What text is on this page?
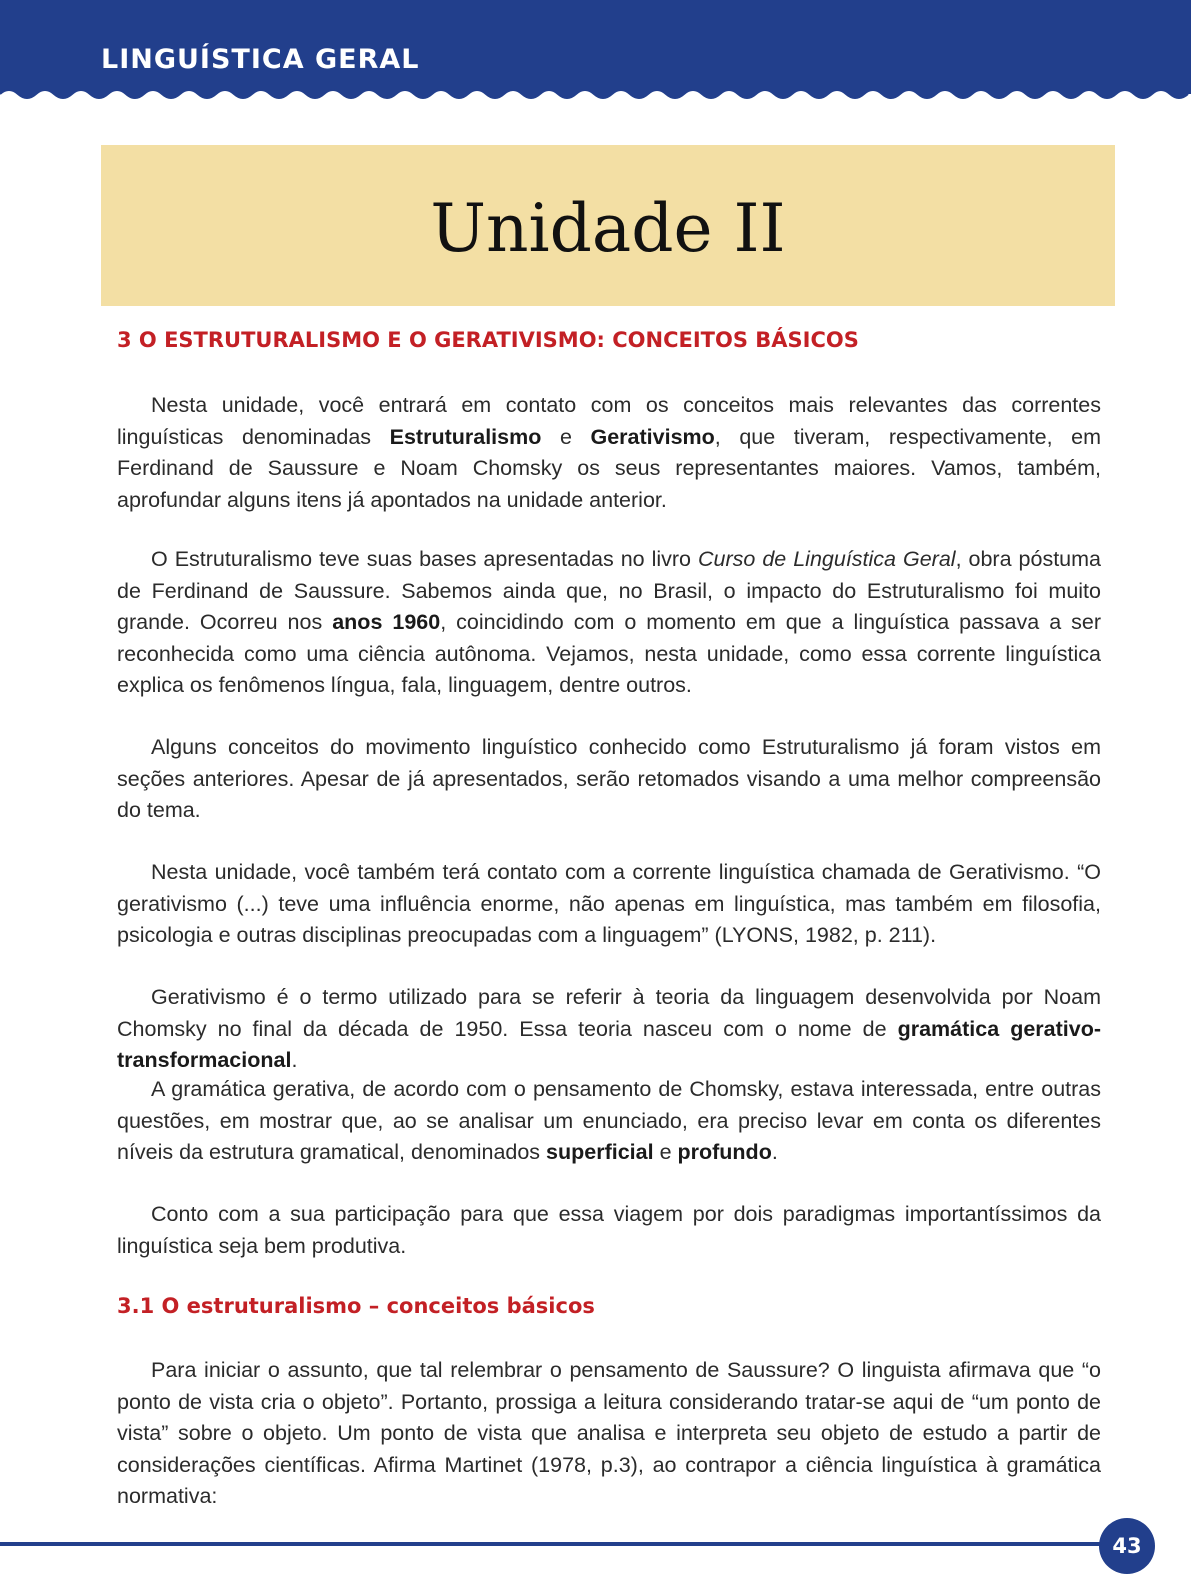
LINGUÍSTICA GERAL
Unidade II
3 O ESTRUTURALISMO E O GERATIVISMO: CONCEITOS BÁSICOS

Nesta unidade, você entrará em contato com os conceitos mais relevantes das correntes linguísticas denominadas Estruturalismo e Gerativismo, que tiveram, respectivamente, em Ferdinand de Saussure e Noam Chomsky os seus representantes maiores. Vamos, também, aprofundar alguns itens já apontados na unidade anterior.

O Estruturalismo teve suas bases apresentadas no livro Curso de Linguística Geral, obra póstuma de Ferdinand de Saussure. Sabemos ainda que, no Brasil, o impacto do Estruturalismo foi muito grande. Ocorreu nos anos 1960, coincidindo com o momento em que a linguística passava a ser reconhecida como uma ciência autônoma. Vejamos, nesta unidade, como essa corrente linguística explica os fenômenos língua, fala, linguagem, dentre outros.

Alguns conceitos do movimento linguístico conhecido como Estruturalismo já foram vistos em seções anteriores. Apesar de já apresentados, serão retomados visando a uma melhor compreensão do tema.

Nesta unidade, você também terá contato com a corrente linguística chamada de Gerativismo. “O gerativismo (...) teve uma influência enorme, não apenas em linguística, mas também em filosofia, psicologia e outras disciplinas preocupadas com a linguagem” (LYONS, 1982, p. 211).

Gerativismo é o termo utilizado para se referir à teoria da linguagem desenvolvida por Noam Chomsky no final da década de 1950. Essa teoria nasceu com o nome de gramática gerativo-transformacional.

A gramática gerativa, de acordo com o pensamento de Chomsky, estava interessada, entre outras questões, em mostrar que, ao se analisar um enunciado, era preciso levar em conta os diferentes níveis da estrutura gramatical, denominados superficial e profundo.

Conto com a sua participação para que essa viagem por dois paradigmas importantíssimos da linguística seja bem produtiva.

3.1 O estruturalismo – conceitos básicos

Para iniciar o assunto, que tal relembrar o pensamento de Saussure? O linguista afirmava que “o ponto de vista cria o objeto”. Portanto, prossiga a leitura considerando tratar-se aqui de “um ponto de vista” sobre o objeto. Um ponto de vista que analisa e interpreta seu objeto de estudo a partir de considerações científicas. Afirma Martinet (1978, p.3), ao contrapor a ciência linguística à gramática normativa:

43
